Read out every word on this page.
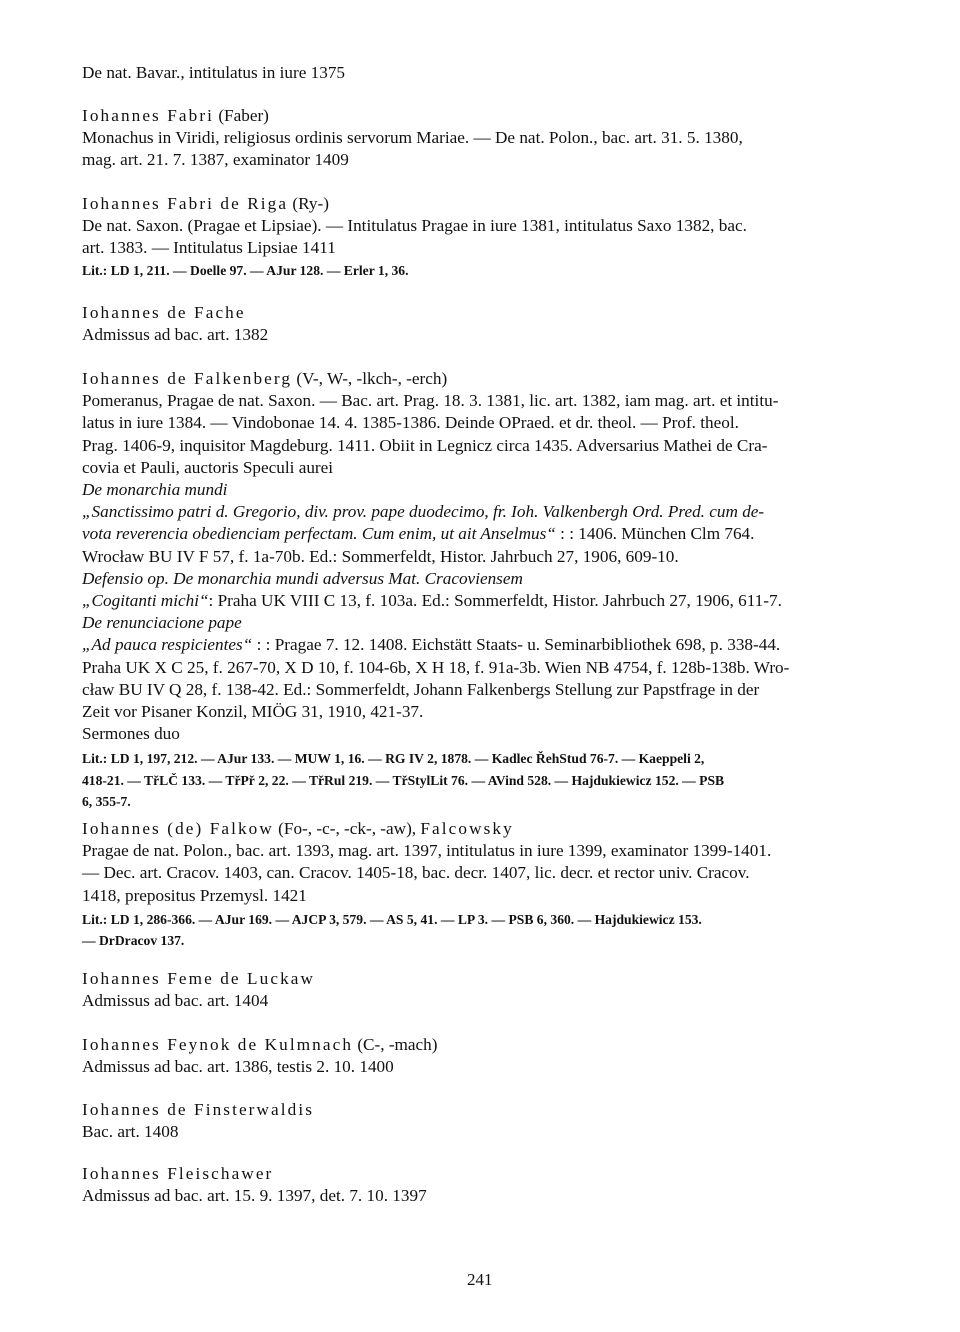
De nat. Bavar., intitulatus in iure 1375
Iohannes Fabri (Faber)
Monachus in Viridi, religiosus ordinis servorum Mariae. — De nat. Polon., bac. art. 31. 5. 1380,
mag. art. 21. 7. 1387, examinator 1409
Iohannes Fabri de Riga (Ry-)
De nat. Saxon. (Pragae et Lipsiae). — Intitulatus Pragae in iure 1381, intitulatus Saxo 1382, bac.
art. 1383. — Intitulatus Lipsiae 1411
Lit.: LD 1, 211. — Doelle 97. — AJur 128. — Erler 1, 36.
Iohannes de Fache
Admissus ad bac. art. 1382
Iohannes de Falkenberg (V-, W-, -lkch-, -erch)
Pomeranus, Pragae de nat. Saxon. — Bac. art. Prag. 18. 3. 1381, lic. art. 1382, iam mag. art. et intitu-
latus in iure 1384. — Vindobonae 14. 4. 1385-1386. Deinde OPraed. et dr. theol. — Prof. theol.
Prag. 1406-9, inquisitor Magdeburg. 1411. Obiit in Legnicz circa 1435. Adversarius Mathei de Cra-
covia et Pauli, auctoris Speculi aurei
De monarchia mundi
„Sanctissimo patri d. Gregorio, div. prov. pape duodecimo, fr. Ioh. Valkenbergh Ord. Pred. cum de-
vota reverencia obedienciam perfectam. Cum enim, ut ait Anselmus“ : : 1406. München Clm 764.
Wrocław BU IV F 57, f. 1a-70b. Ed.: Sommerfeldt, Histor. Jahrbuch 27, 1906, 609-10.
Defensio op. De monarchia mundi adversus Mat. Cracoviensem
„Cogitanti michi“: Praha UK VIII C 13, f. 103a. Ed.: Sommerfeldt, Histor. Jahrbuch 27, 1906, 611-7.
De renunciacione pape
„Ad pauca respicientes“ : : Pragae 7. 12. 1408. Eichstätt Staats- u. Seminarbibliothek 698, p. 338-44.
Praha UK X C 25, f. 267-70, X D 10, f. 104-6b, X H 18, f. 91a-3b. Wien NB 4754, f. 128b-138b. Wro-
cław BU IV Q 28, f. 138-42. Ed.: Sommerfeldt, Johann Falkenbergs Stellung zur Papstfrage in der
Zeit vor Pisaner Konzil, MIÖG 31, 1910, 421-37.
Sermones duo
Lit.: LD 1, 197, 212. — AJur 133. — MUW 1, 16. — RG IV 2, 1878. — Kadlec ŘehStud 76-7. — Kaeppeli 2,
418-21. — TřLČ 133. — TřPř 2, 22. — TřRul 219. — TřStylLit 76. — AVind 528. — Hajdukiewicz 152. — PSB
6, 355-7.
Iohannes (de) Falkow (Fo-, -c-, -ck-, -aw), Falcowsky
Pragae de nat. Polon., bac. art. 1393, mag. art. 1397, intitulatus in iure 1399, examinator 1399-1401.
— Dec. art. Cracov. 1403, can. Cracov. 1405-18, bac. decr. 1407, lic. decr. et rector univ. Cracov.
1418, prepositus Przemysl. 1421
Lit.: LD 1, 286-366. — AJur 169. — AJCP 3, 579. — AS 5, 41. — LP 3. — PSB 6, 360. — Hajdukiewicz 153.
— DrDracov 137.
Iohannes Feme de Luckaw
Admissus ad bac. art. 1404
Iohannes Feynok de Kulmnach (C-, -mach)
Admissus ad bac. art. 1386, testis 2. 10. 1400
Iohannes de Finsterwaldis
Bac. art. 1408
Iohannes Fleischawer
Admissus ad bac. art. 15. 9. 1397, det. 7. 10. 1397
241
